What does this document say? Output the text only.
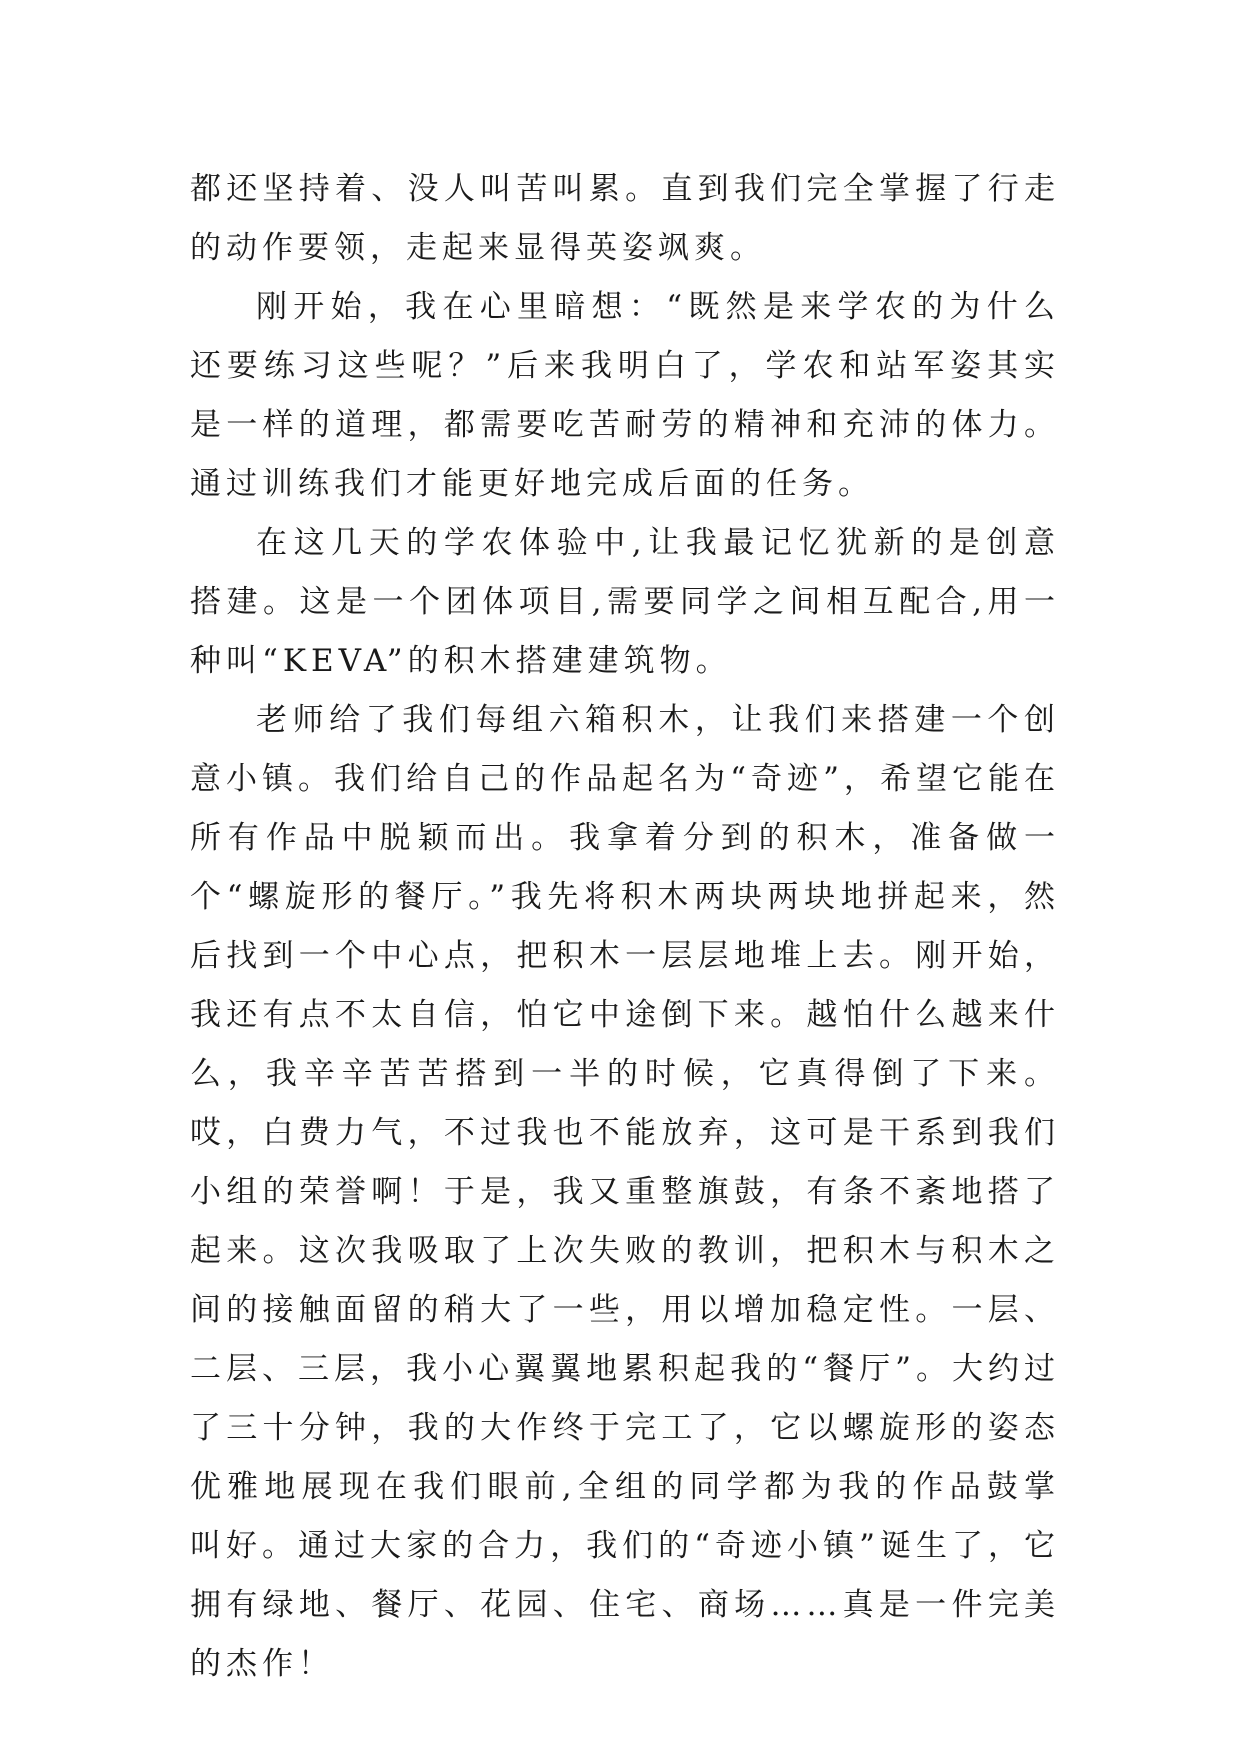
都还坚持着、没人叫苦叫累。直到我们完全掌握了行走的动作要领，走起来显得英姿飒爽。

刚开始，我在心里暗想：“既然是来学农的为什么还要练习这些呢？”后来我明白了，学农和站军姿其实是一样的道理，都需要吃苦耐劳的精神和充沛的体力。通过训练我们才能更好地完成后面的任务。

在这几天的学农体验中,让我最记忆犹新的是创意搭建。这是一个团体项目,需要同学之间相互配合,用一种叫“KEVA”的积木搭建建筑物。

老师给了我们每组六箱积木，让我们来搭建一个创意小镇。我们给自己的作品起名为“奇迹”，希望它能在所有作品中脱颖而出。我拿着分到的积木，准备做一个“螺旋形的餐厅。”我先将积木两块两块地拼起来，然后找到一个中心点，把积木一层层地堆上去。刚开始，我还有点不太自信，怕它中途倒下来。越怕什么越来什么，我辛辛苦苦搭到一半的时候，它真得倒了下来。哎，白费力气，不过我也不能放弃，这可是干系到我们小组的荣誉啊！于是，我又重整旗鼓，有条不紊地搭了起来。这次我吸取了上次失败的教训，把积木与积木之间的接触面留的稍大了一些，用以增加稳定性。一层、二层、三层，我小心翼翼地累积起我的“餐厅”。大约过了三十分钟，我的大作终于完工了，它以螺旋形的姿态优雅地展现在我们眼前,全组的同学都为我的作品鼓掌叫好。通过大家的合力，我们的“奇迹小镇”诞生了，它拥有绿地、餐厅、花园、住宅、商场……真是一件完美的杰作！
